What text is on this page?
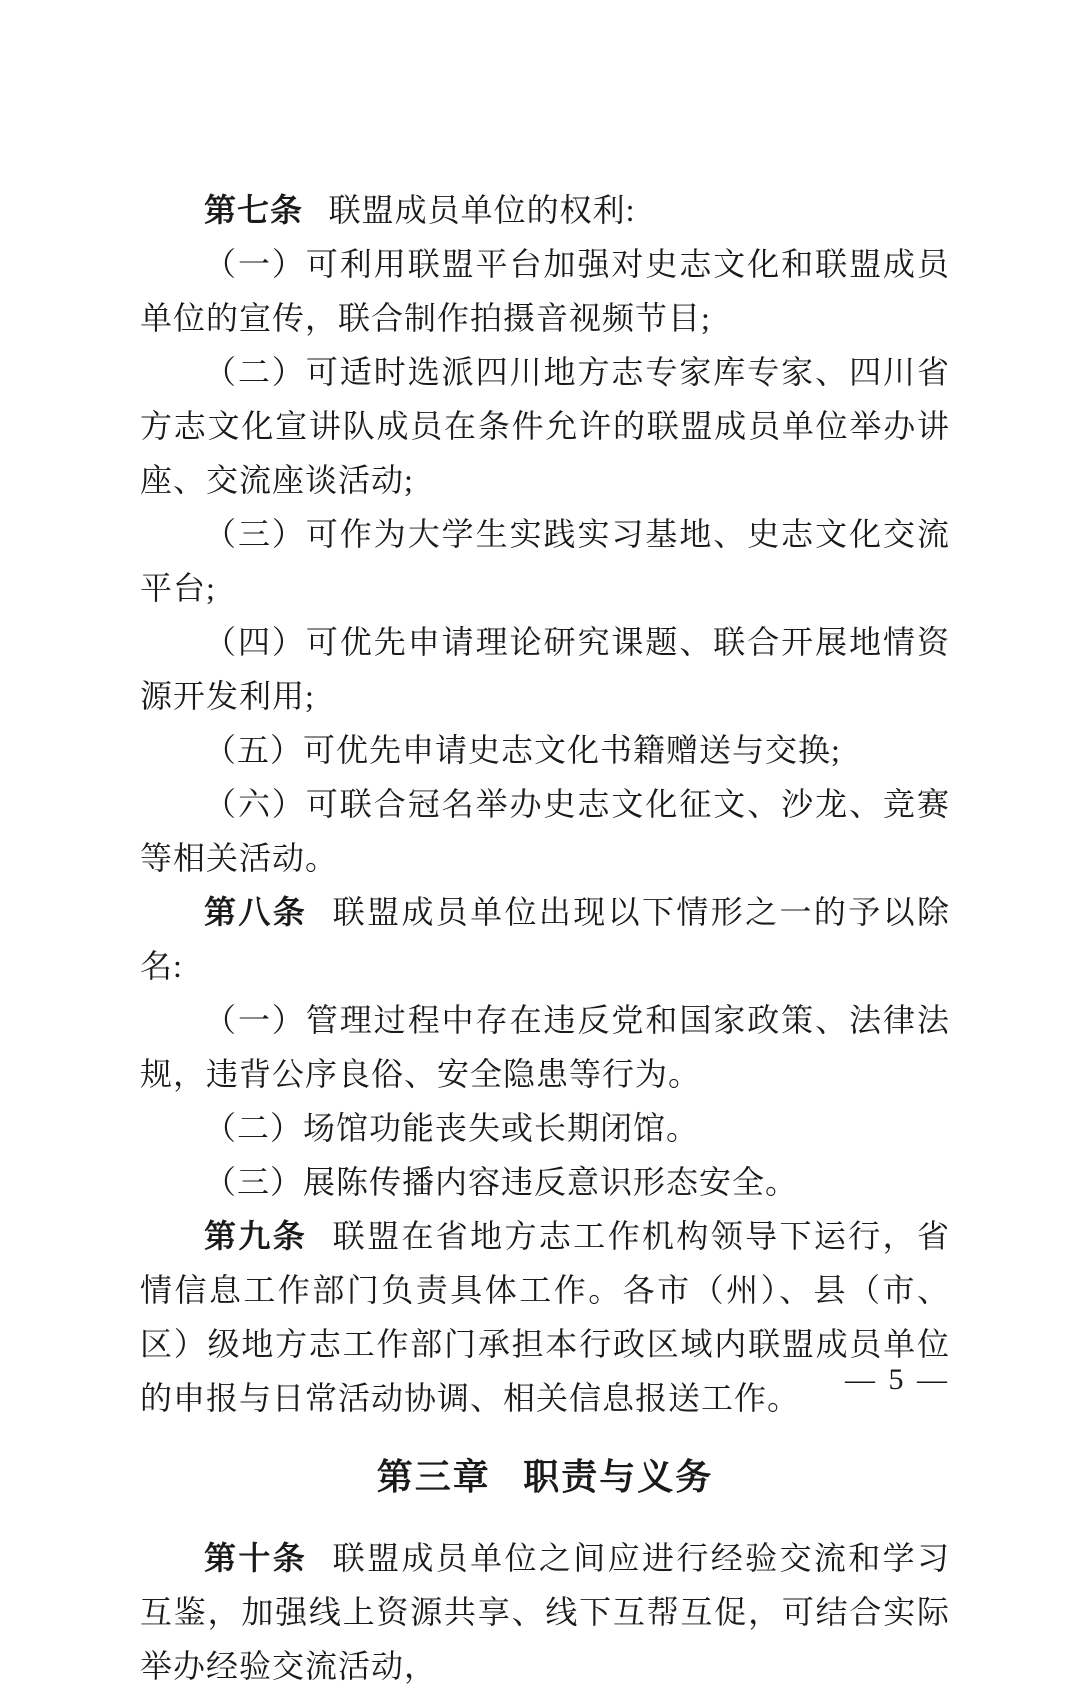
第七条 联盟成员单位的权利:

（一）可利用联盟平台加强对史志文化和联盟成员单位的宣传，联合制作拍摄音视频节目;

（二）可适时选派四川地方志专家库专家、四川省方志文化宣讲队成员在条件允许的联盟成员单位举办讲座、交流座谈活动;

（三）可作为大学生实践实习基地、史志文化交流平台;

（四）可优先申请理论研究课题、联合开展地情资源开发利用;

（五）可优先申请史志文化书籍赠送与交换;

（六）可联合冠名举办史志文化征文、沙龙、竞赛等相关活动。

第八条 联盟成员单位出现以下情形之一的予以除名:

（一）管理过程中存在违反党和国家政策、法律法规，违背公序良俗、安全隐患等行为。

（二）场馆功能丧失或长期闭馆。

（三）展陈传播内容违反意识形态安全。

第九条 联盟在省地方志工作机构领导下运行，省情信息工作部门负责具体工作。各市（州）、县（市、区）级地方志工作部门承担本行政区域内联盟成员单位的申报与日常活动协调、相关信息报送工作。

第三章 职责与义务

第十条 联盟成员单位之间应进行经验交流和学习互鉴，加强线上资源共享、线下互帮互促，可结合实际举办经验交流活动，

— 5 —
